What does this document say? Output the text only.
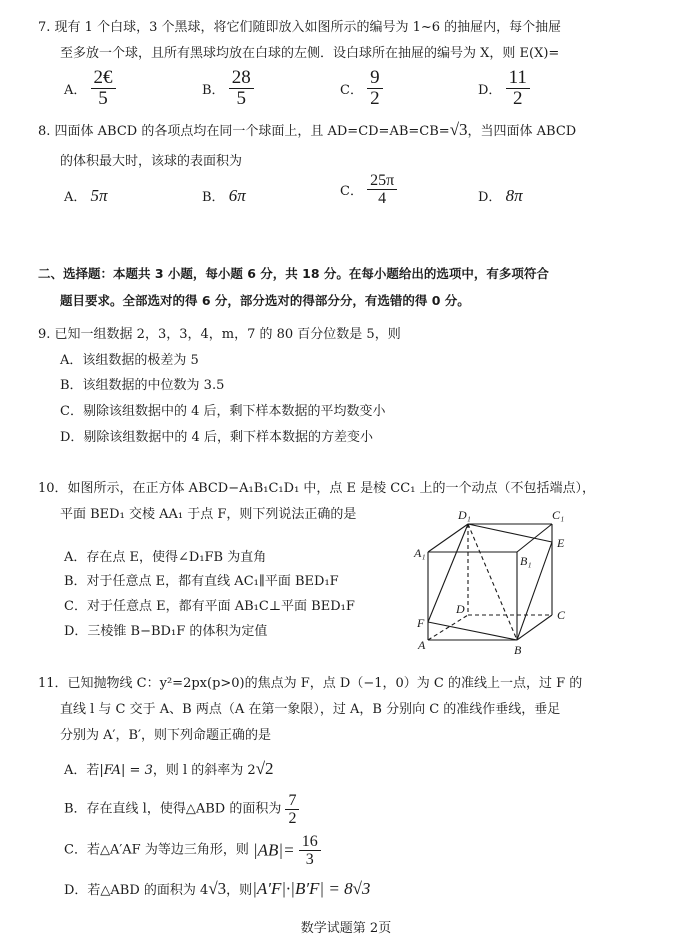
7. 现有 1 个白球，3 个黑球，将它们随即放入如图所示的编号为 1~6 的抽屉内，每个抽屉
至多放一个球，且所有黑球均放在白球的左侧．设白球所在抽屉的编号为 X，则 E(X)=
A． $\frac{2€}{5}$	B． $\frac{28}{5}$	C． $\frac{9}{2}$	D． $\frac{11}{2}$
8. 四面体 ABCD 的各项点均在同一个球面上，且 AD=CD=AB=CB=√3，当四面体 ABCD
的体积最大时，该球的表面积为
A． 5π	B． 6π	C． $\frac{25\pi}{4}$	D． 8π
二、选择题：本题共 3 小题，每小题 6 分，共 18 分。在每小题给出的选项中，有多项符合
题目要求。全部选对的得 6 分，部分选对的得部分分，有选错的得 0 分。
9. 已知一组数据 2，3，3，4，m，7 的 80 百分位数是 5，则
A．该组数据的极差为 5
B．该组数据的中位数为 3.5
C．剔除该组数据中的 4 后，剩下样本数据的平均数变小
D．剔除该组数据中的 4 后，剩下样本数据的方差变小
10．如图所示，在正方体 ABCD−A₁B₁C₁D₁ 中，点 E 是棱 CC₁ 上的一个动点（不包括端点），
平面 BED₁ 交棱 AA₁ 于点 F，则下列说法正确的是
A．存在点 E，使得∠D₁FB 为直角
B．对于任意点 E，都有直线 AC₁∥平面 BED₁F
C．对于任意点 E，都有平面 AB₁C⊥平面 BED₁F
D．三棱锥 B−BD₁F 的体积为定值
D₁	C₁
A₁
B₁
E
D	C
F
A	B
11．已知抛物线 C：y²=2px(p>0)的焦点为 F，点 D（−1，0）为 C 的准线上一点，过 F 的
直线 l 与 C 交于 A、B 两点（A 在第一象限），过 A，B 分别向 C 的准线作垂线，垂足
分别为 A′，B′，则下列命题正确的是
A．若|FA| = 3，则 l 的斜率为 2√2
B．存在直线 l，使得△ABD 的面积为 $\frac{7}{2}$
C．若△A′AF 为等边三角形，则 $|AB|= \frac{16}{3}$
D．若△ABD 的面积为 4√3，则|A′F|·|B′F| = 8√3
数学试题第 2页
